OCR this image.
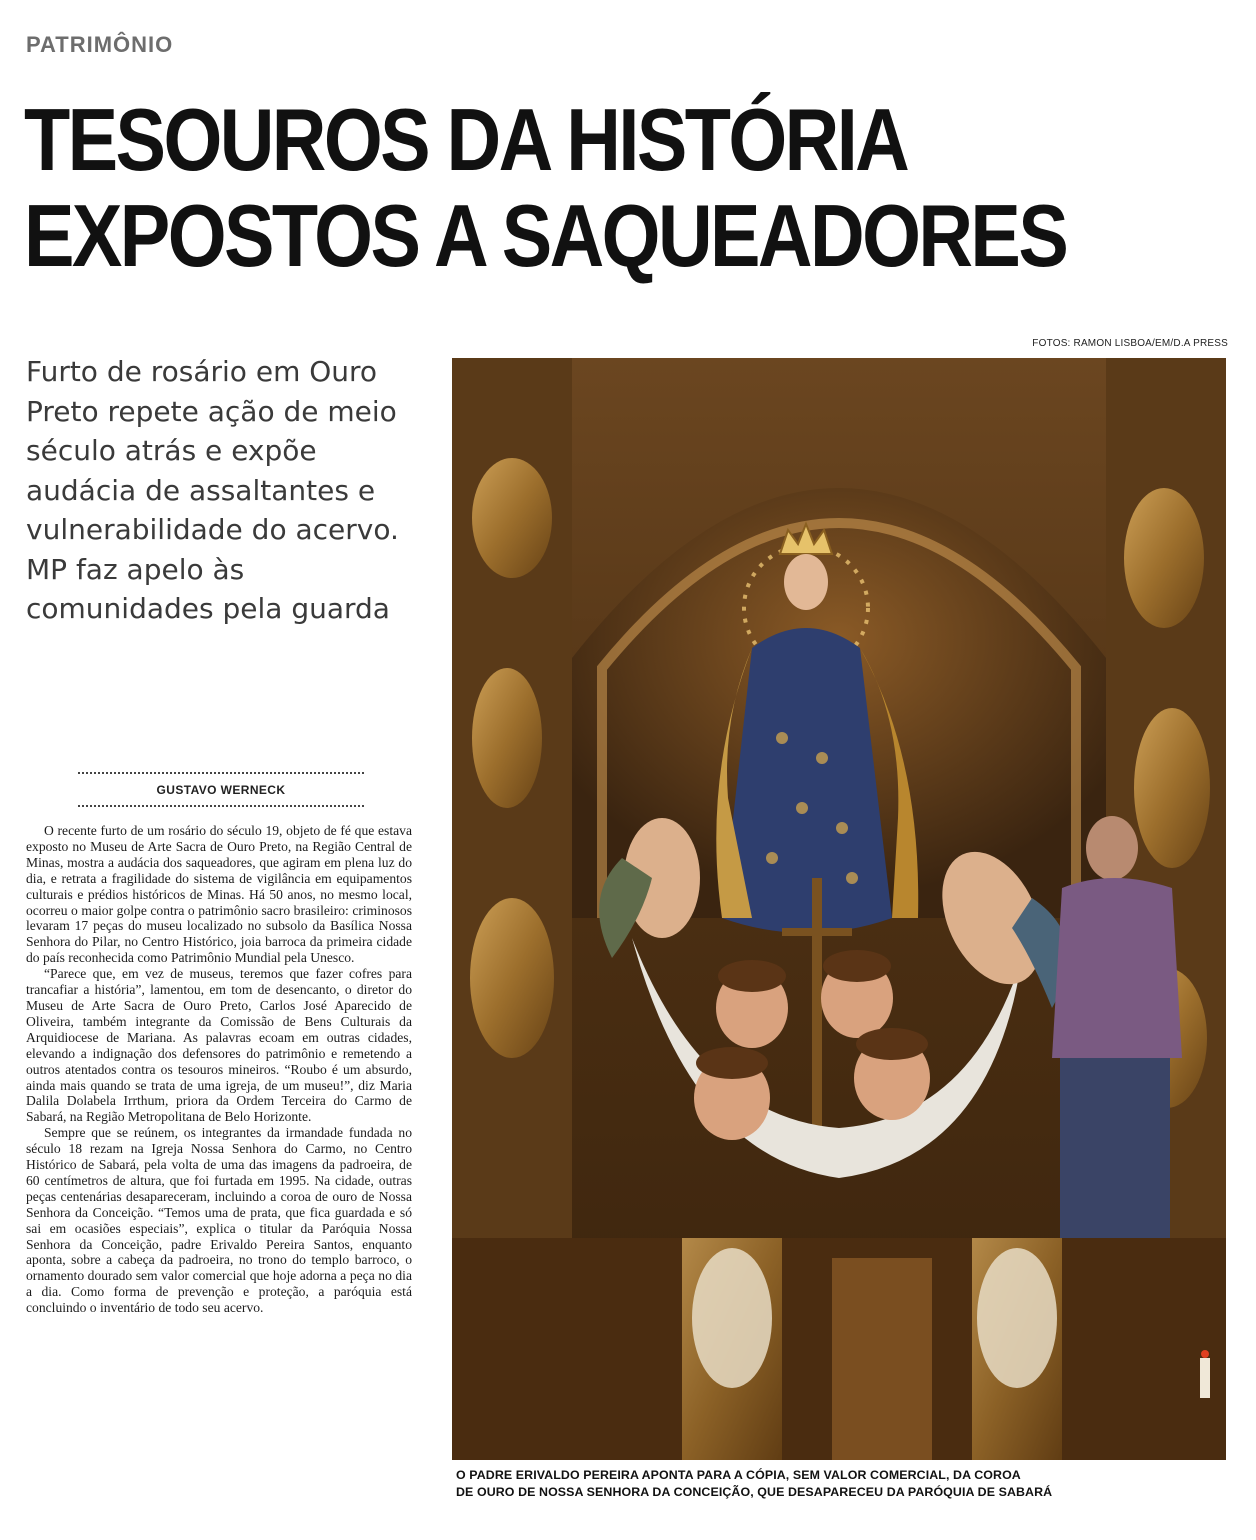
PATRIMÔNIO
TESOUROS DA HISTÓRIA
EXPOSTOS A SAQUEADORES
FOTOS: RAMON LISBOA/EM/D.A PRESS
Furto de rosário em Ouro Preto repete ação de meio século atrás e expõe audácia de assaltantes e vulnerabilidade do acervo. MP faz apelo às comunidades pela guarda
GUSTAVO WERNECK

O recente furto de um rosário do século 19, objeto de fé que estava exposto no Museu de Arte Sacra de Ouro Preto, na Região Central de Minas, mostra a audácia dos saqueadores, que agiram em plena luz do dia, e retrata a fragilidade do sistema de vigilância em equipamentos culturais e prédios históricos de Minas. Há 50 anos, no mesmo local, ocorreu o maior golpe contra o patrimônio sacro brasileiro: criminosos levaram 17 peças do museu localizado no subsolo da Basílica Nossa Senhora do Pilar, no Centro Histórico, joia barroca da primeira cidade do país reconhecida como Patrimônio Mundial pela Unesco.

“Parece que, em vez de museus, teremos que fazer cofres para trancafiar a história”, lamentou, em tom de desencanto, o diretor do Museu de Arte Sacra de Ouro Preto, Carlos José Aparecido de Oliveira, também integrante da Comissão de Bens Culturais da Arquidiocese de Mariana. As palavras ecoam em outras cidades, elevando a indignação dos defensores do patrimônio e remetendo a outros atentados contra os tesouros mineiros. “Roubo é um absurdo, ainda mais quando se trata de uma igreja, de um museu!”, diz Maria Dalila Dolabela Irrthum, priora da Ordem Terceira do Carmo de Sabará, na Região Metropolitana de Belo Horizonte.

Sempre que se reúnem, os integrantes da irmandade fundada no século 18 rezam na Igreja Nossa Senhora do Carmo, no Centro Histórico de Sabará, pela volta de uma das imagens da padroeira, de 60 centímetros de altura, que foi furtada em 1995. Na cidade, outras peças centenárias desapareceram, incluindo a coroa de ouro de Nossa Senhora da Conceição. “Temos uma de prata, que fica guardada e só sai em ocasiões especiais”, explica o titular da Paróquia Nossa Senhora da Conceição, padre Erivaldo Pereira Santos, enquanto aponta, sobre a cabeça da padroeira, no trono do templo barroco, o ornamento dourado sem valor comercial que hoje adorna a peça no dia a dia. Como forma de prevenção e proteção, a paróquia está concluindo o inventário de todo seu acervo.

O PADRE ERIVALDO PEREIRA APONTA PARA A CÓPIA, SEM VALOR COMERCIAL, DA COROA
DE OURO DE NOSSA SENHORA DA CONCEIÇÃO, QUE DESAPARECEU DA PARÓQUIA DE SABARÁ
